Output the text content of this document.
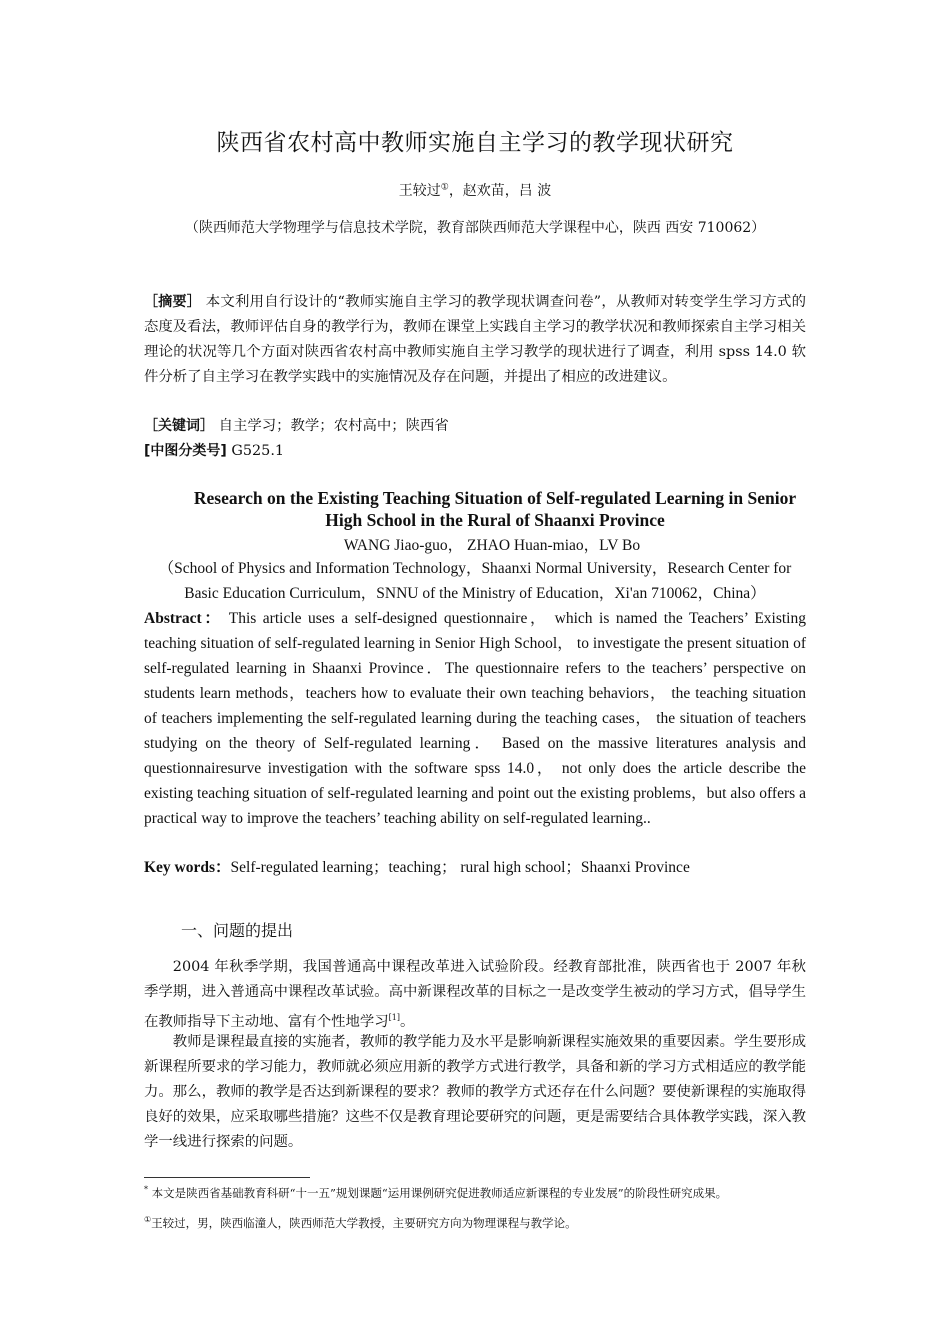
陕西省农村高中教师实施自主学习的教学现状研究
王较过①，赵欢苗，吕 波
（陕西师范大学物理学与信息技术学院，教育部陕西师范大学课程中心，陕西 西安 710062）
［摘要］ 本文利用自行设计的“教师实施自主学习的教学现状调查问卷”，从教师对转变学生学习方式的态度及看法，教师评估自身的教学行为，教师在课堂上实践自主学习的教学状况和教师探索自主学习相关理论的状况等几个方面对陕西省农村高中教师实施自主学习教学的现状进行了调查，利用 spss 14.0 软件分析了自主学习在教学实践中的实施情况及存在问题，并提出了相应的改进建议。
［关键词］ 自主学习；教学；农村高中；陕西省
[中图分类号] G525.1
Research on the Existing Teaching Situation of Self-regulated Learning in Senior High School in the Rural of Shaanxi Province
WANG Jiao-guo， ZHAO Huan-miao，LV Bo
（School of Physics and Information Technology，Shaanxi Normal University，Research Center for Basic Education Curriculum，SNNU of the Ministry of Education，Xi'an 710062，China）
Abstract： This article uses a self-designed questionnaire， which is named the Teachers’ Existing teaching situation of self-regulated learning in Senior High School， to investigate the present situation of self-regulated learning in Shaanxi Province．The questionnaire refers to the teachers’ perspective on students learn methods，teachers how to evaluate their own teaching behaviors， the teaching situation of teachers implementing the self-regulated learning during the teaching cases， the situation of teachers studying on the theory of Self-regulated learning． Based on the massive literatures analysis and questionnairesurve investigation with the software spss 14.0， not only does the article describe the existing teaching situation of self-regulated learning and point out the existing problems，but also offers a practical way to improve the teachers’ teaching ability on self-regulated learning..
Key words：Self-regulated learning；teaching； rural high school；Shaanxi Province
一、问题的提出
2004 年秋季学期，我国普通高中课程改革进入试验阶段。经教育部批准，陕西省也于 2007 年秋季学期，进入普通高中课程改革试验。高中新课程改革的目标之一是改变学生被动的学习方式，倡导学生在教师指导下主动地、富有个性地学习[1]。
教师是课程最直接的实施者，教师的教学能力及水平是影响新课程实施效果的重要因素。学生要形成新课程所要求的学习能力，教师就必须应用新的教学方式进行教学，具备和新的学习方式相适应的教学能力。那么，教师的教学是否达到新课程的要求？教师的教学方式还存在什么问题？要使新课程的实施取得良好的效果，应采取哪些措施？这些不仅是教育理论要研究的问题，更是需要结合具体教学实践，深入教学一线进行探索的问题。
* 本文是陕西省基础教育科研“十一五”规划课题“运用课例研究促进教师适应新课程的专业发展”的阶段性研究成果。
①王较过，男，陕西临潼人，陕西师范大学教授，主要研究方向为物理课程与教学论。
